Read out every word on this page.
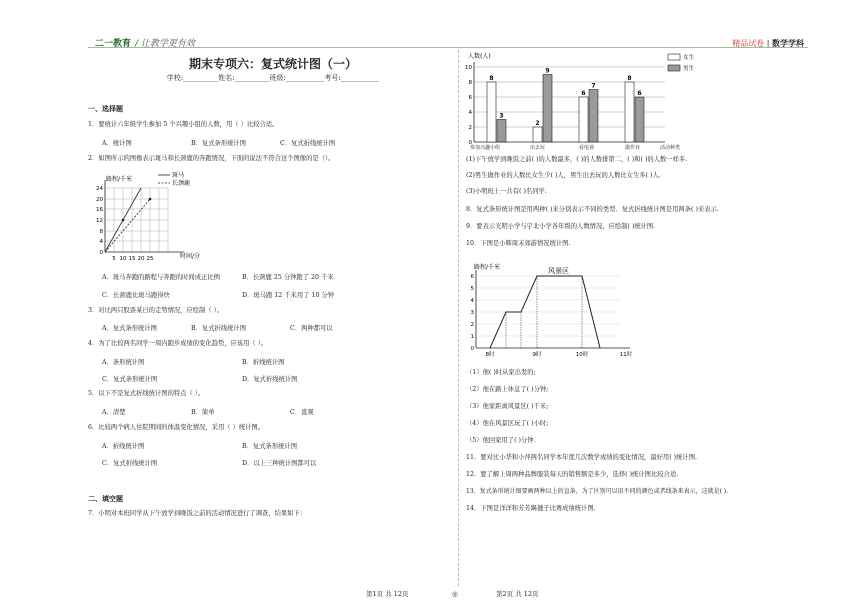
二一教育 / 让教学更有效	精品试卷 | 数学学科
期末专项六：复式统计图（一）
学校:__________姓名:__________班级:___________考号:___________
一、选择题
1．要统计六年级学生参加 5 个兴趣小组的人数，用（ ）比较合适。
A．统计图	B．复式条形统计图	C．复式折线统计图
2．如图所示的图像表示斑马和长颈鹿的奔跑情况，下面的说法不符合这个图像的是（）。
路程/千米
时间/分
24
20
16
12
8
4
0
5 10 15 20 25
斑马
长颈鹿
A．斑马奔跑的路程与奔跑的时间成正比例	B．长颈鹿 25 分钟跑了 20 千米
C．长颈鹿比斑马跑得快	D．斑马跑 12 千米用了 10 分钟
3．对比两只股票某日的走势情况，应绘制（ ）。
A．复式条形统计图	B．复式折线统计图	C．两种都可以
4．为了比较两名同学一周内跑步成绩的变化趋势，应该用（ ）。
A．条形统计图	B．折线统计图
C．复式条形统计图	D．复式折线统计图
5．以下不是复式折线统计图的特点（ ）。
A．清楚	B．简单	C．直观
6．比较两个病人住院期间的体温变化情况，采用（ ）统计图。
A．折线统计图	B．复式条形统计图
C．复式折线统计图	D．以上三种统计图都可以
二、填空题
7．小明对本班同学从下午放学到晚饭之前的活动情况进行了调查，结果如下：
人数(人)
10
8
6
4
2
0
8
2
6
8
3
9
7
6
女生
男生
参加兴趣小组	出去玩	看电视	做作业	活动种类
(1)下午放学到晚饭之前( )的人数最多，( )的人数排第二，( )和( )的人数一样多.
(2)男生做作业的人数比女生少( )人，男生出去玩的人数比女生多( )人.
(3)小明班上一共有( )名同学.
8．复式条形统计图是用两种( )来分别表示不同的类型．复式折线统计图是用两条( )来表示.
9．要表示光明小学与宇北小学各年级的人数情况，应绘制( )统计图.
10．下图是小辉周末郊游情况统计图.
路程/千米
6
5
4
3
2
1
0
8时	9时	10时	11时
风景区
（1）他( )时从家出发的;
（2）他在路上休息了( )分钟;
（3）他家距离风景区( )千米;
（4）他在风景区玩了( )小时;
（5）他回家用了( )分钟.
11．要对比小华和小萍两名同学本年度几次数学成绩的变化情况，最好用( )统计图.
12．要了解上周两种品牌服装每天的销售额是多少，选择( )统计图比较合适.
13．复式条形统计图要画两种以上的直条，为了区别可以用不同的颜色或者线条来表示，这就是( ).
14．下图是洋洋和芳芳踢毽子比赛成绩统计图.
第1页 共 12页	◎	第2页 共 12页
